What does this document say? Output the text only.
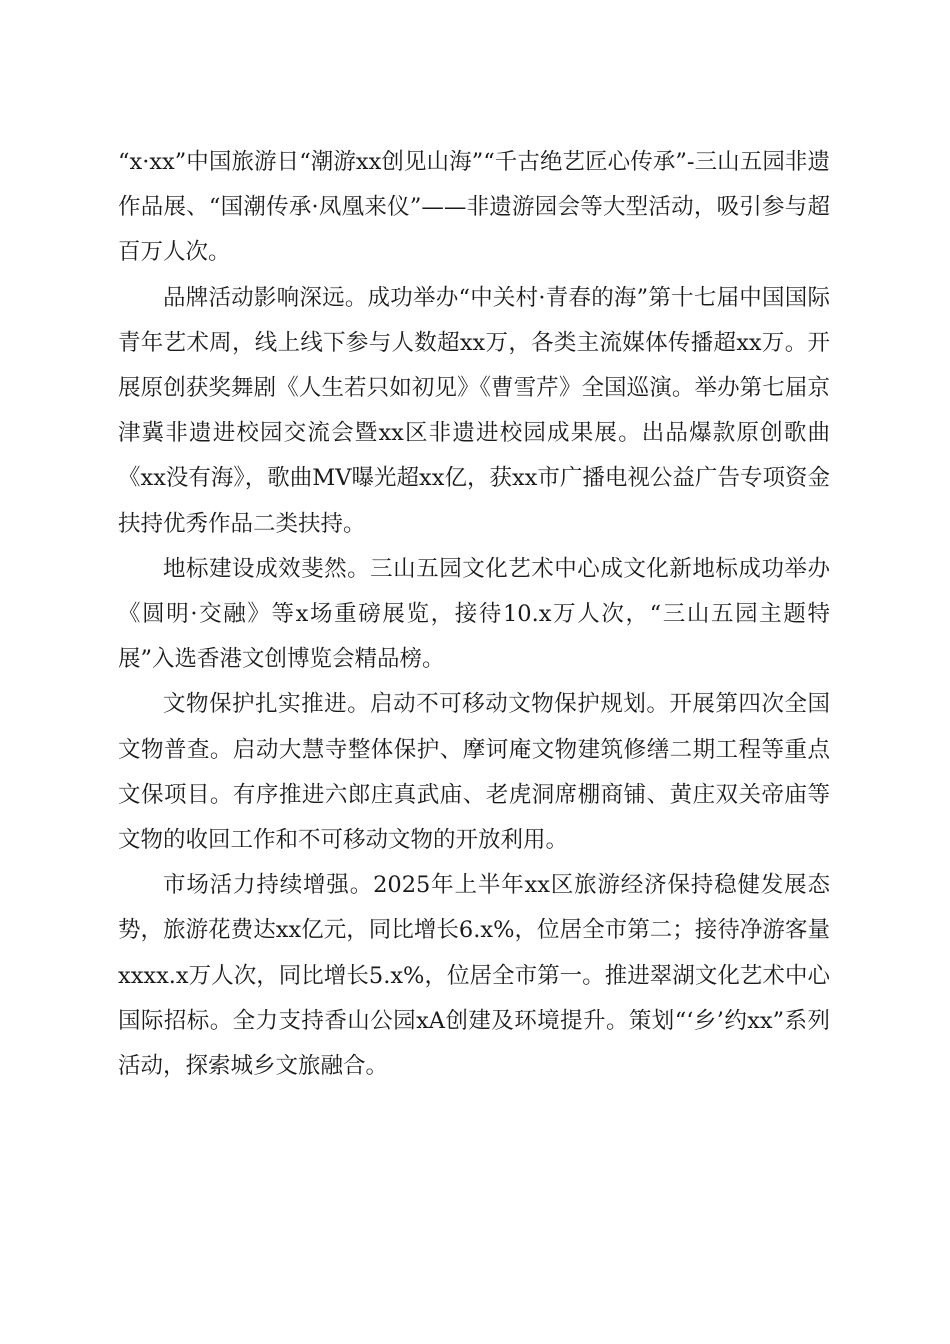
“x·xx”中国旅游日“潮游xx创见山海”“千古绝艺匠心传承”-三山五园非遗作品展、“国潮传承·凤凰来仪”——非遗游园会等大型活动，吸引参与超百万人次。

品牌活动影响深远。成功举办“中关村·青春的海”第十七届中国国际青年艺术周，线上线下参与人数超xx万，各类主流媒体传播超xx万。开展原创获奖舞剧《人生若只如初见》《曹雪芹》全国巡演。举办第七届京津冀非遗进校园交流会暨xx区非遗进校园成果展。出品爆款原创歌曲《xx没有海》，歌曲MV曝光超xx亿，获xx市广播电视公益广告专项资金扶持优秀作品二类扶持。

地标建设成效斐然。三山五园文化艺术中心成文化新地标成功举办《圆明·交融》等x场重磅展览，接待10.x万人次，“三山五园主题特展”入选香港文创博览会精品榜。

文物保护扎实推进。启动不可移动文物保护规划。开展第四次全国文物普查。启动大慧寺整体保护、摩诃庵文物建筑修缮二期工程等重点文保项目。有序推进六郎庄真武庙、老虎洞席棚商铺、黄庄双关帝庙等文物的收回工作和不可移动文物的开放利用。

市场活力持续增强。2025年上半年xx区旅游经济保持稳健发展态势，旅游花费达xx亿元，同比增长6.x%，位居全市第二；接待净游客量xxxx.x万人次，同比增长5.x%，位居全市第一。推进翠湖文化艺术中心国际招标。全力支持香山公园xA创建及环境提升。策划“‘乡’约xx”系列活动，探索城乡文旅融合。
